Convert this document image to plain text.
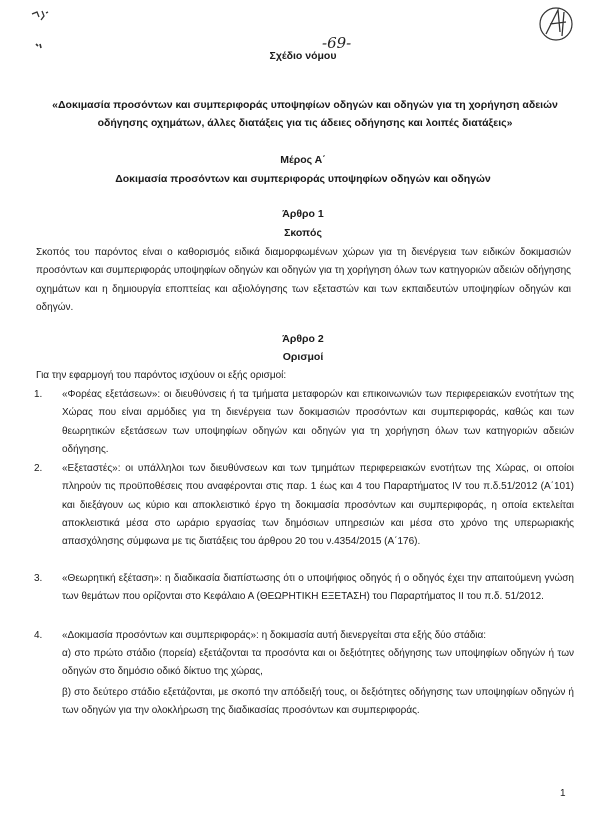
-69-
Σχέδιο νόμου
«Δοκιμασία προσόντων και συμπεριφοράς υποψηφίων οδηγών και οδηγών για τη χορήγηση αδειών οδήγησης οχημάτων, άλλες διατάξεις για τις άδειες οδήγησης και λοιπές διατάξεις»
Μέρος Α΄
Δοκιμασία προσόντων και συμπεριφοράς υποψηφίων οδηγών και οδηγών
Άρθρο 1
Σκοπός
Σκοπός του παρόντος είναι ο καθορισμός ειδικά διαμορφωμένων χώρων για τη διενέργεια των ειδικών δοκιμασιών προσόντων και συμπεριφοράς υποψηφίων οδηγών και οδηγών για τη χορήγηση όλων των κατηγοριών αδειών οδήγησης οχημάτων και η δημιουργία εποπτείας και αξιολόγησης των εξεταστών και των εκπαιδευτών υποψηφίων οδηγών και οδηγών.
Άρθρο 2
Ορισμοί
Για την εφαρμογή του παρόντος ισχύουν οι εξής ορισμοί:
1.	«Φορέας εξετάσεων»: οι διευθύνσεις ή τα τμήματα μεταφορών και επικοινωνιών των περιφερειακών ενοτήτων της Χώρας που είναι αρμόδιες για τη διενέργεια των δοκιμασιών προσόντων και συμπεριφοράς, καθώς και των θεωρητικών εξετάσεων των υποψηφίων οδηγών και οδηγών για τη χορήγηση όλων των κατηγοριών αδειών οδήγησης.
2.	«Εξεταστές»: οι υπάλληλοι των διευθύνσεων και των τμημάτων περιφερειακών ενοτήτων της Χώρας, οι οποίοι πληρούν τις προϋποθέσεις που αναφέρονται στις παρ. 1 έως και 4 του Παραρτήματος IV του π.δ.51/2012 (Α΄101) και διεξάγουν ως κύριο και αποκλειστικό έργο τη δοκιμασία προσόντων και συμπεριφοράς, η οποία εκτελείται αποκλειστικά μέσα στο ωράριο εργασίας των δημόσιων υπηρεσιών και μέσα στο χρόνο της υπερωριακής απασχόλησης σύμφωνα με τις διατάξεις του άρθρου 20 του ν.4354/2015 (Α΄176).
3.	«Θεωρητική εξέταση»: η διαδικασία διαπίστωσης ότι ο υποψήφιος οδηγός ή ο οδηγός έχει την απαιτούμενη γνώση των θεμάτων που ορίζονται στο Κεφάλαιο Α (ΘΕΩΡΗΤΙΚΗ ΕΞΕΤΑΣΗ) του Παραρτήματος ΙΙ του π.δ. 51/2012.
4.	«Δοκιμασία προσόντων και συμπεριφοράς»: η δοκιμασία αυτή διενεργείται στα εξής δύο στάδια:
α) στο πρώτο στάδιο (πορεία) εξετάζονται τα προσόντα και οι δεξιότητες οδήγησης των υποψηφίων οδηγών ή των οδηγών στο δημόσιο οδικό δίκτυο της χώρας,
β) στο δεύτερο στάδιο εξετάζονται, με σκοπό την απόδειξή τους, οι δεξιότητες οδήγησης των υποψηφίων οδηγών ή των οδηγών για την ολοκλήρωση της διαδικασίας προσόντων και συμπεριφοράς.
1
